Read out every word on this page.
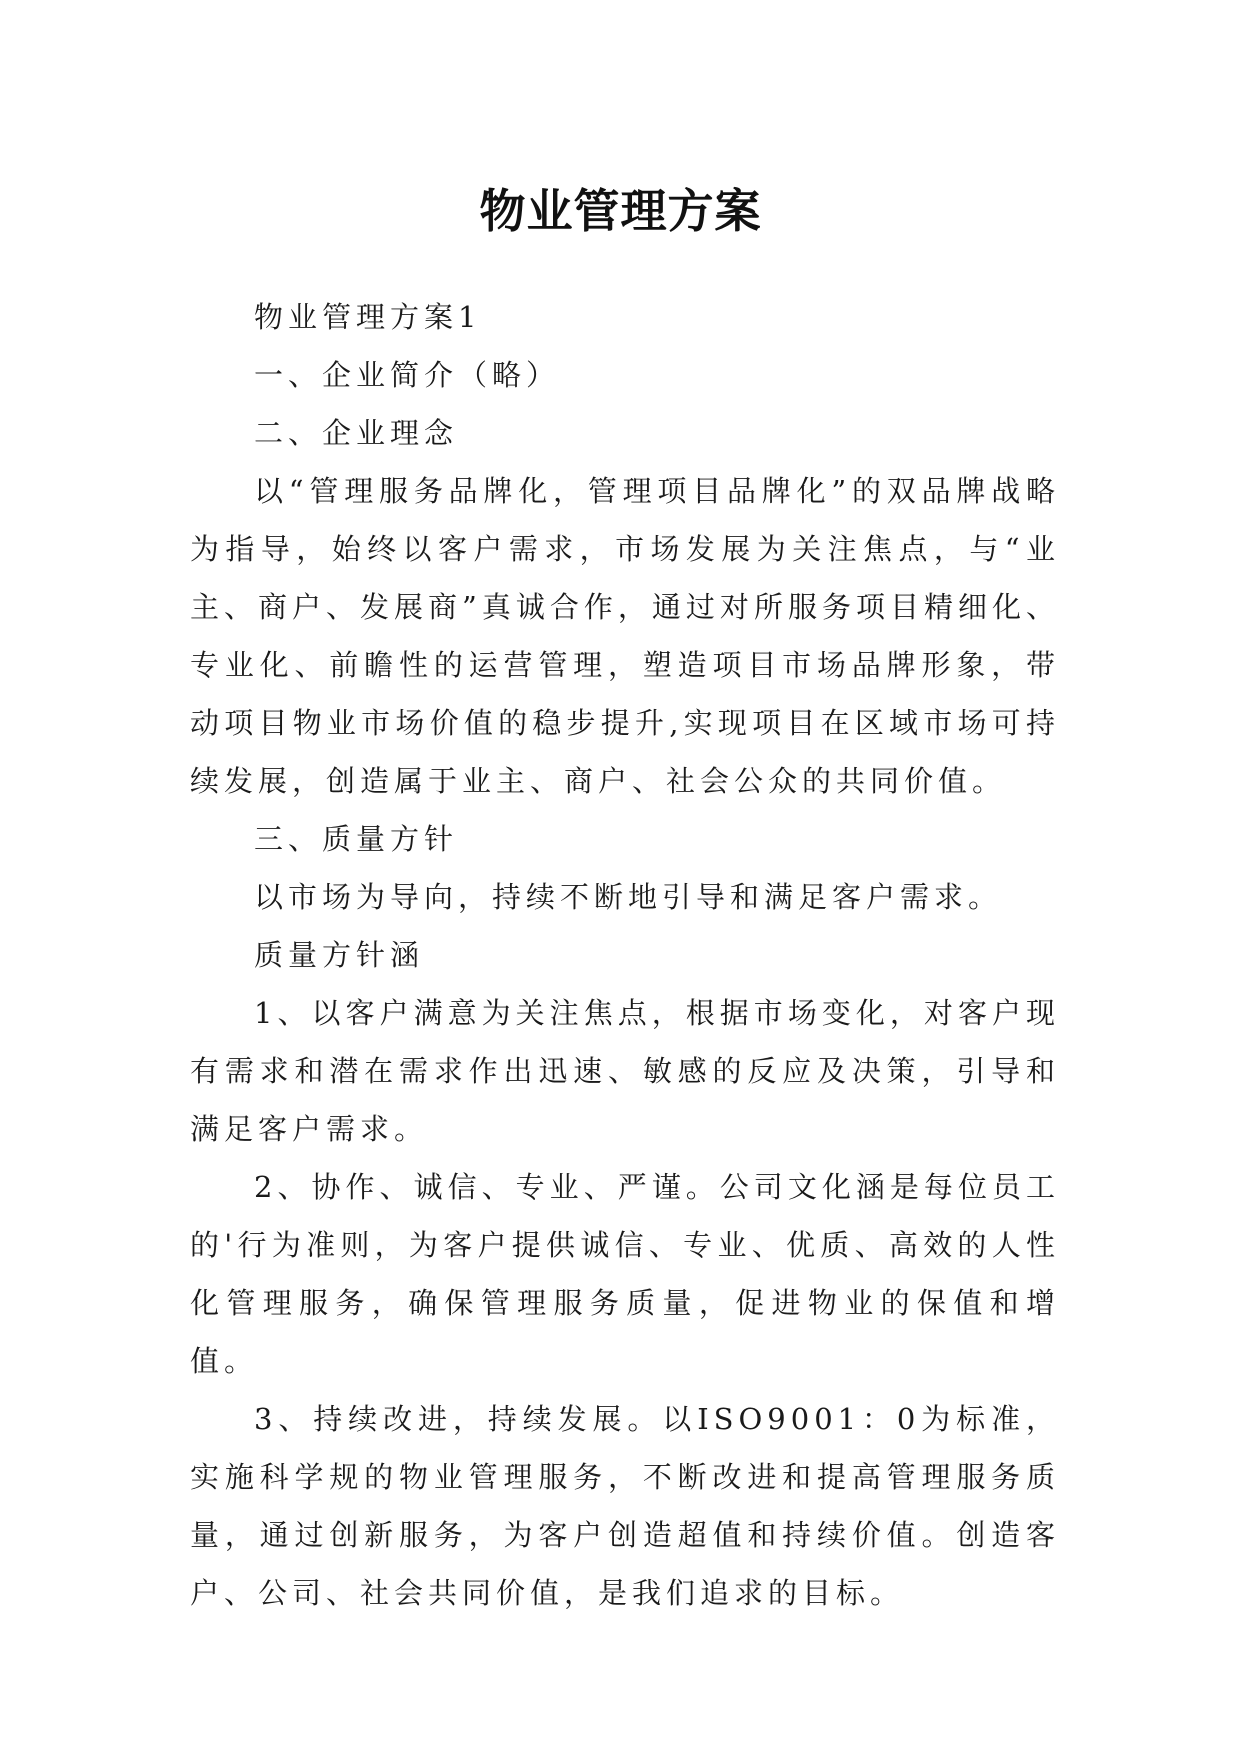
物业管理方案

物业管理方案1

一、企业简介（略）

二、企业理念

以“管理服务品牌化，管理项目品牌化”的双品牌战略为指导，始终以客户需求，市场发展为关注焦点，与“业主、商户、发展商”真诚合作，通过对所服务项目精细化、专业化、前瞻性的运营管理，塑造项目市场品牌形象，带动项目物业市场价值的稳步提升,实现项目在区域市场可持续发展，创造属于业主、商户、社会公众的共同价值。

三、质量方针

以市场为导向，持续不断地引导和满足客户需求。

质量方针涵

1、以客户满意为关注焦点，根据市场变化，对客户现有需求和潜在需求作出迅速、敏感的反应及决策，引导和满足客户需求。

2、协作、诚信、专业、严谨。公司文化涵是每位员工的'行为准则，为客户提供诚信、专业、优质、高效的人性化管理服务，确保管理服务质量，促进物业的保值和增值。

3、持续改进，持续发展。以ISO9001：0为标准，实施科学规的物业管理服务，不断改进和提高管理服务质量，通过创新服务，为客户创造超值和持续价值。创造客户、公司、社会共同价值，是我们追求的目标。
